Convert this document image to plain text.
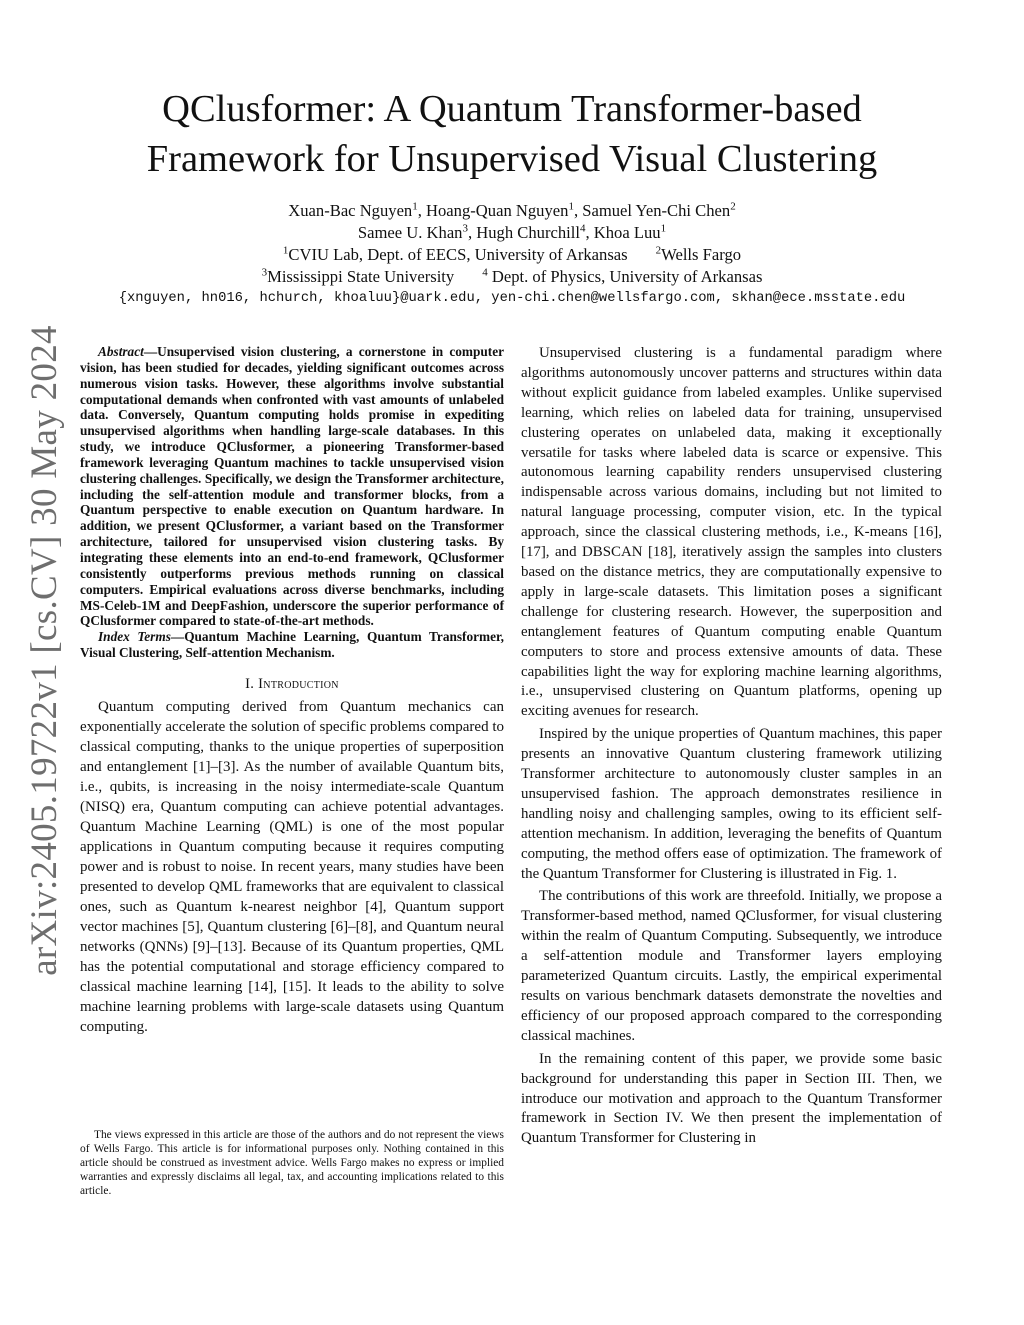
arXiv:2405.19722v1 [cs.CV] 30 May 2024
QClusformer: A Quantum Transformer-based
Framework for Unsupervised Visual Clustering
Xuan-Bac Nguyen$^1$, Hoang-Quan Nguyen$^1$, Samuel Yen-Chi Chen$^2$
Samee U. Khan$^3$, Hugh Churchill$^4$, Khoa Luu$^1$
$^1$CVIU Lab, Dept. of EECS, University of Arkansas	$^2$Wells Fargo
$^3$Mississippi State University	$^4$ Dept. of Physics, University of Arkansas
{xnguyen, hn016, hchurch, khoaluu}@uark.edu, yen-chi.chen@wellsfargo.com, skhan@ece.msstate.edu

Abstract—Unsupervised vision clustering, a cornerstone in computer vision, has been studied for decades, yielding significant outcomes across numerous vision tasks. However, these algorithms involve substantial computational demands when confronted with vast amounts of unlabeled data. Conversely, Quantum computing holds promise in expediting unsupervised algorithms when handling large-scale databases. In this study, we introduce QClusformer, a pioneering Transformer-based framework leveraging Quantum machines to tackle unsupervised vision clustering challenges. Specifically, we design the Transformer architecture, including the self-attention module and transformer blocks, from a Quantum perspective to enable execution on Quantum hardware. In addition, we present QClusformer, a variant based on the Transformer architecture, tailored for unsupervised vision clustering tasks. By integrating these elements into an end-to-end framework, QClusformer consistently outperforms previous methods running on classical computers. Empirical evaluations across diverse benchmarks, including MS-Celeb-1M and DeepFashion, underscore the superior performance of QClusformer compared to state-of-the-art methods.

Index Terms—Quantum Machine Learning, Quantum Transformer, Visual Clustering, Self-attention Mechanism.

I. Introduction

Quantum computing derived from Quantum mechanics can exponentially accelerate the solution of specific problems compared to classical computing, thanks to the unique properties of superposition and entanglement [1]–[3]. As the number of available Quantum bits, i.e., qubits, is increasing in the noisy intermediate-scale Quantum (NISQ) era, Quantum computing can achieve potential advantages. Quantum Machine Learning (QML) is one of the most popular applications in Quantum computing because it requires computing power and is robust to noise. In recent years, many studies have been presented to develop QML frameworks that are equivalent to classical ones, such as Quantum k-nearest neighbor [4], Quantum support vector machines [5], Quantum clustering [6]–[8], and Quantum neural networks (QNNs) [9]–[13]. Because of its Quantum properties, QML has the potential computational and storage efficiency compared to classical machine learning [14], [15]. It leads to the ability to solve machine learning problems with large-scale datasets using Quantum computing.

The views expressed in this article are those of the authors and do not represent the views of Wells Fargo. This article is for informational purposes only. Nothing contained in this article should be construed as investment advice. Wells Fargo makes no express or implied warranties and expressly disclaims all legal, tax, and accounting implications related to this article.

Unsupervised clustering is a fundamental paradigm where algorithms autonomously uncover patterns and structures within data without explicit guidance from labeled examples. Unlike supervised learning, which relies on labeled data for training, unsupervised clustering operates on unlabeled data, making it exceptionally versatile for tasks where labeled data is scarce or expensive. This autonomous learning capability renders unsupervised clustering indispensable across various domains, including but not limited to natural language processing, computer vision, etc. In the typical approach, since the classical clustering methods, i.e., K-means [16], [17], and DBSCAN [18], iteratively assign the samples into clusters based on the distance metrics, they are computationally expensive to apply in large-scale datasets. This limitation poses a significant challenge for clustering research. However, the superposition and entanglement features of Quantum computing enable Quantum computers to store and process extensive amounts of data. These capabilities light the way for exploring machine learning algorithms, i.e., unsupervised clustering on Quantum platforms, opening up exciting avenues for research.

Inspired by the unique properties of Quantum machines, this paper presents an innovative Quantum clustering framework utilizing Transformer architecture to autonomously cluster samples in an unsupervised fashion. The approach demonstrates resilience in handling noisy and challenging samples, owing to its efficient self-attention mechanism. In addition, leveraging the benefits of Quantum computing, the method offers ease of optimization. The framework of the Quantum Transformer for Clustering is illustrated in Fig. 1.

The contributions of this work are threefold. Initially, we propose a Transformer-based method, named QClusformer, for visual clustering within the realm of Quantum Computing. Subsequently, we introduce a self-attention module and Transformer layers employing parameterized Quantum circuits. Lastly, the empirical experimental results on various benchmark datasets demonstrate the novelties and efficiency of our proposed approach compared to the corresponding classical machines.

In the remaining content of this paper, we provide some basic background for understanding this paper in Section III. Then, we introduce our motivation and approach to the Quantum Transformer framework in Section IV. We then present the implementation of Quantum Transformer for Clustering in
